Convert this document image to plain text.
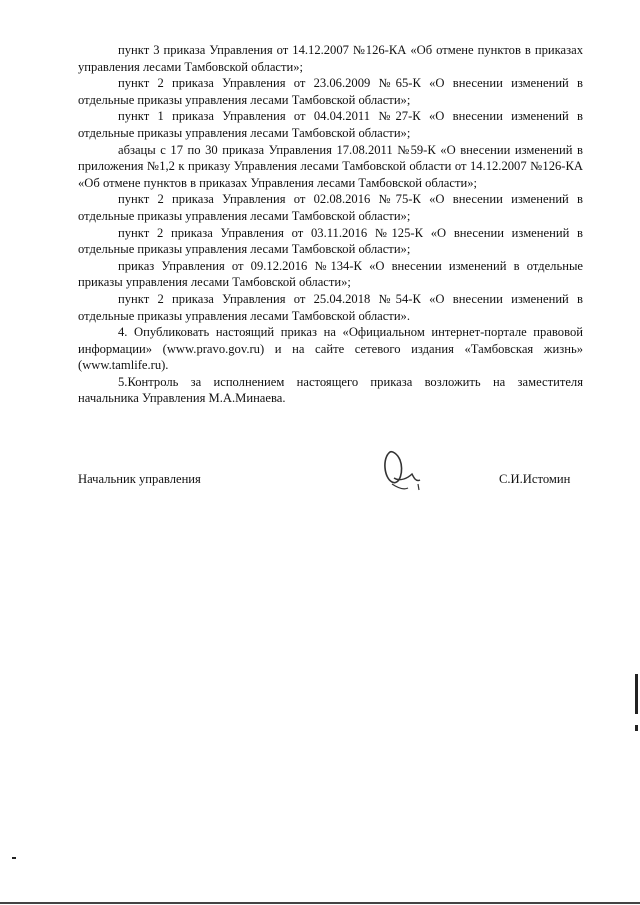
пункт 3 приказа Управления от 14.12.2007 №126-КА «Об отмене пунктов в приказах управления лесами Тамбовской области»;

пункт 2 приказа Управления от 23.06.2009 №65-К «О внесении изменений в отдельные приказы управления лесами Тамбовской области»;

пункт 1 приказа Управления от 04.04.2011 №27-К «О внесении изменений в отдельные приказы управления лесами Тамбовской области»;

абзацы с 17 по 30 приказа Управления 17.08.2011 №59-К «О внесении изменений в приложения №1,2 к приказу Управления лесами Тамбовской области от 14.12.2007 №126-КА «Об отмене пунктов в приказах Управления лесами Тамбовской области»;

пункт 2 приказа Управления от 02.08.2016 №75-К «О внесении изменений в отдельные приказы управления лесами Тамбовской области»;

пункт 2 приказа Управления от 03.11.2016 №125-К «О внесении изменений в отдельные приказы управления лесами Тамбовской области»;

приказ Управления от 09.12.2016 №134-К «О внесении изменений в отдельные приказы управления лесами Тамбовской области»;

пункт 2 приказа Управления от 25.04.2018 №54-К «О внесении изменений в отдельные приказы управления лесами Тамбовской области».

4. Опубликовать настоящий приказ на «Официальном интернет-портале правовой информации» (www.pravo.gov.ru) и на сайте сетевого издания «Тамбовская жизнь» (www.tamlife.ru).

5.Контроль за исполнением настоящего приказа возложить на заместителя начальника Управления М.А.Минаева.

Начальник управления	С.И.Истомин
